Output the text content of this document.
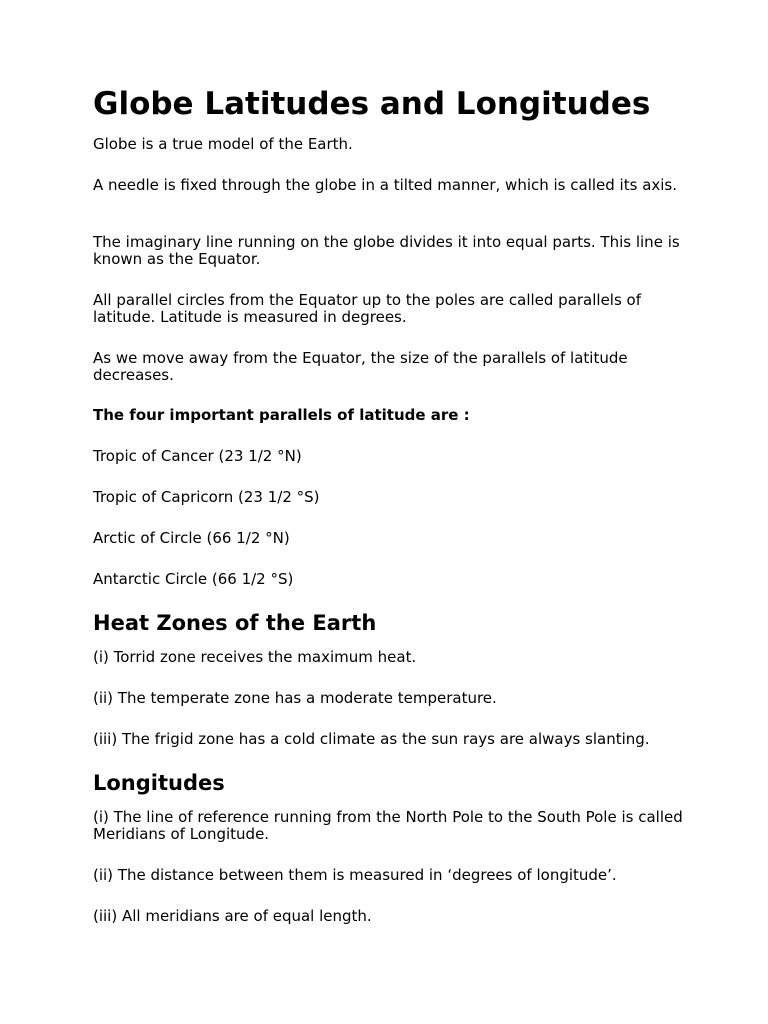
Globe Latitudes and Longitudes

Globe is a true model of the Earth.

A needle is fixed through the globe in a tilted manner, which is called its axis.

The imaginary line running on the globe divides it into equal parts. This line is known as the Equator.

All parallel circles from the Equator up to the poles are called parallels of latitude. Latitude is measured in degrees.

As we move away from the Equator, the size of the parallels of latitude decreases.

The four important parallels of latitude are :

Tropic of Cancer (23 1/2 °N)

Tropic of Capricorn (23 1/2 °S)

Arctic of Circle (66 1/2 °N)

Antarctic Circle (66 1/2 °S)

Heat Zones of the Earth

(i) Torrid zone receives the maximum heat.

(ii) The temperate zone has a moderate temperature.

(iii) The frigid zone has a cold climate as the sun rays are always slanting.

Longitudes

(i) The line of reference running from the North Pole to the South Pole is called Meridians of Longitude.

(ii) The distance between them is measured in ‘degrees of longitude’.

(iii) All meridians are of equal length.
